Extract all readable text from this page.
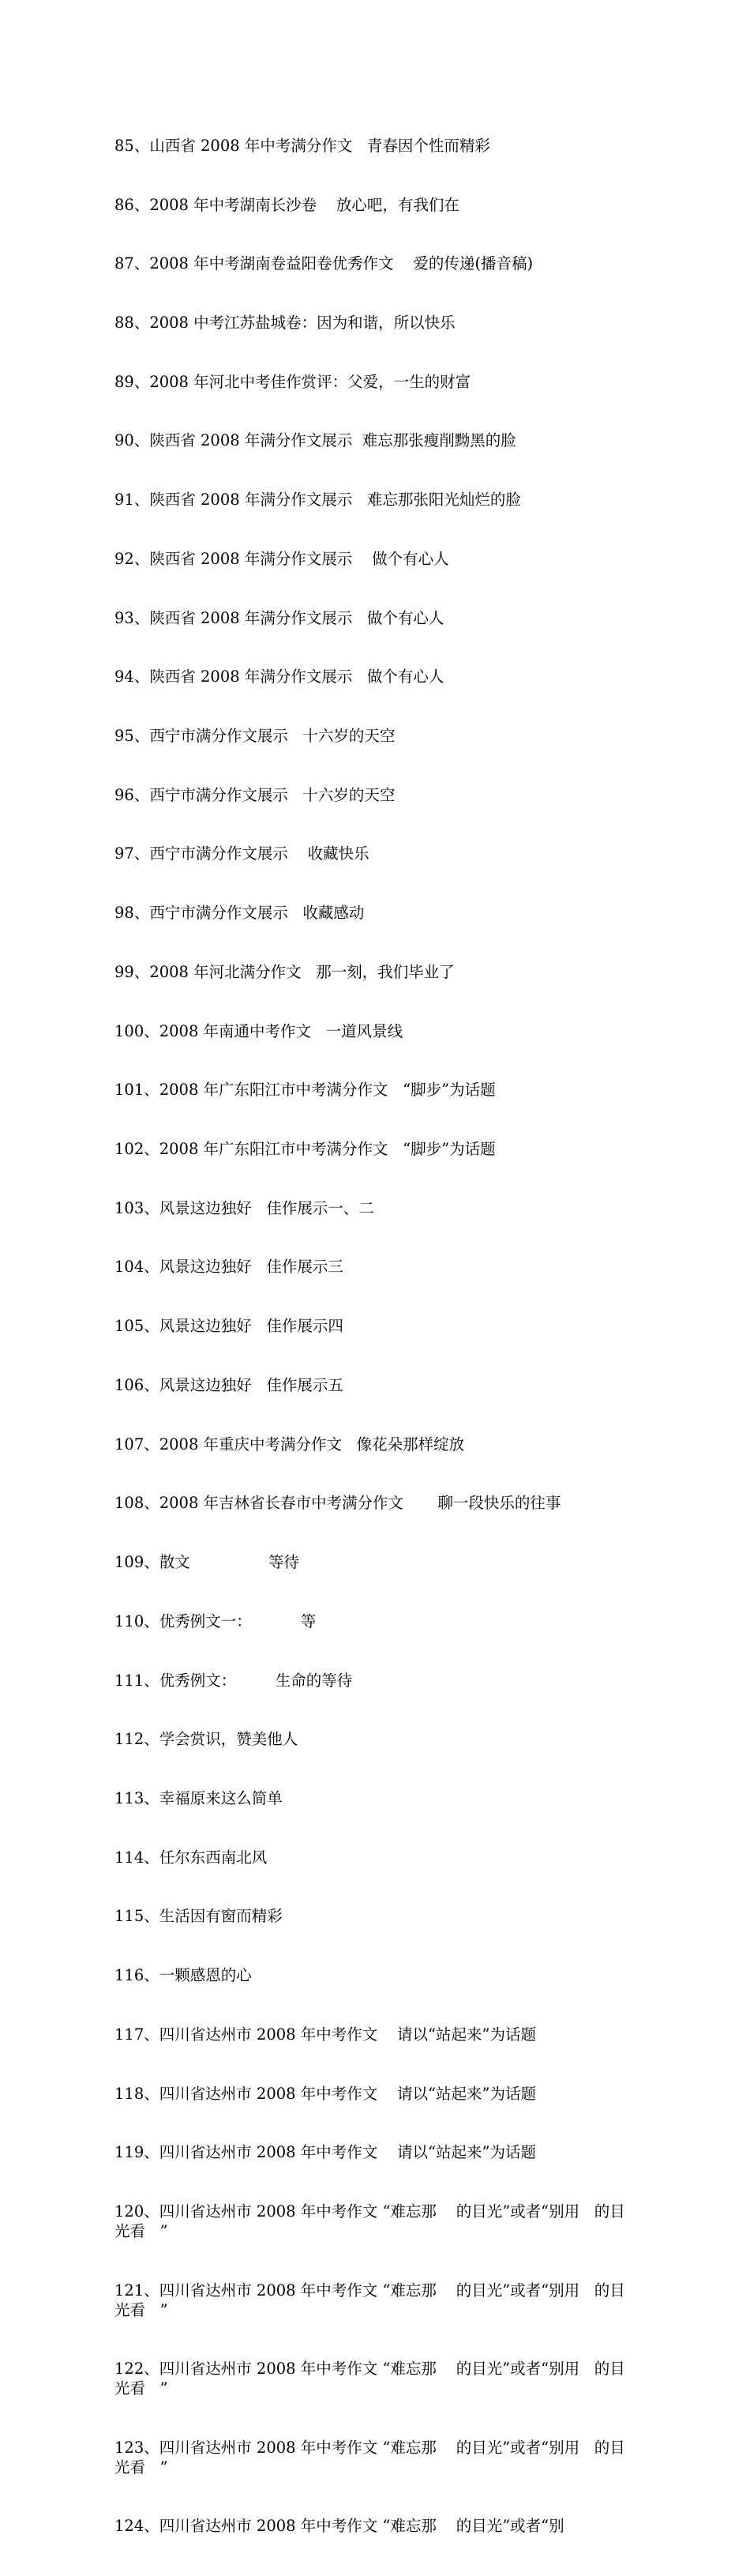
85、山西省 2008 年中考满分作文   青春因个性而精彩

86、2008 年中考湖南长沙卷    放心吧，有我们在

87、2008 年中考湖南卷益阳卷优秀作文    爱的传递(播音稿)

88、2008 中考江苏盐城卷：因为和谐，所以快乐

89、2008 年河北中考佳作赏评：父爱，一生的财富

90、陕西省 2008 年满分作文展示  难忘那张瘦削黝黑的脸

91、陕西省 2008 年满分作文展示   难忘那张阳光灿烂的脸

92、陕西省 2008 年满分作文展示    做个有心人

93、陕西省 2008 年满分作文展示   做个有心人

94、陕西省 2008 年满分作文展示   做个有心人

95、西宁市满分作文展示   十六岁的天空

96、西宁市满分作文展示   十六岁的天空

97、西宁市满分作文展示    收藏快乐

98、西宁市满分作文展示   收藏感动

99、2008 年河北满分作文   那一刻，我们毕业了

100、2008 年南通中考作文   一道风景线

101、2008 年广东阳江市中考满分作文   “脚步”为话题

102、2008 年广东阳江市中考满分作文   “脚步”为话题

103、风景这边独好   佳作展示一、二

104、风景这边独好   佳作展示三

105、风景这边独好   佳作展示四

106、风景这边独好   佳作展示五

107、2008 年重庆中考满分作文   像花朵那样绽放

108、2008 年吉林省长春市中考满分作文       聊一段快乐的往事

109、散文                等待

110、优秀例文一：          等

111、优秀例文：        生命的等待

112、学会赏识，赞美他人

113、幸福原来这么简单

114、任尔东西南北风

115、生活因有窗而精彩

116、一颗感恩的心

117、四川省达州市 2008 年中考作文    请以“站起来”为话题

118、四川省达州市 2008 年中考作文    请以“站起来”为话题

119、四川省达州市 2008 年中考作文    请以“站起来”为话题

120、四川省达州市 2008 年中考作文 “难忘那    的目光”或者“别用   的目光看   ”

121、四川省达州市 2008 年中考作文 “难忘那    的目光”或者“别用   的目光看   ”

122、四川省达州市 2008 年中考作文 “难忘那    的目光”或者“别用   的目光看   ”

123、四川省达州市 2008 年中考作文 “难忘那    的目光”或者“别用   的目光看   ”

124、四川省达州市 2008 年中考作文 “难忘那    的目光”或者“别
